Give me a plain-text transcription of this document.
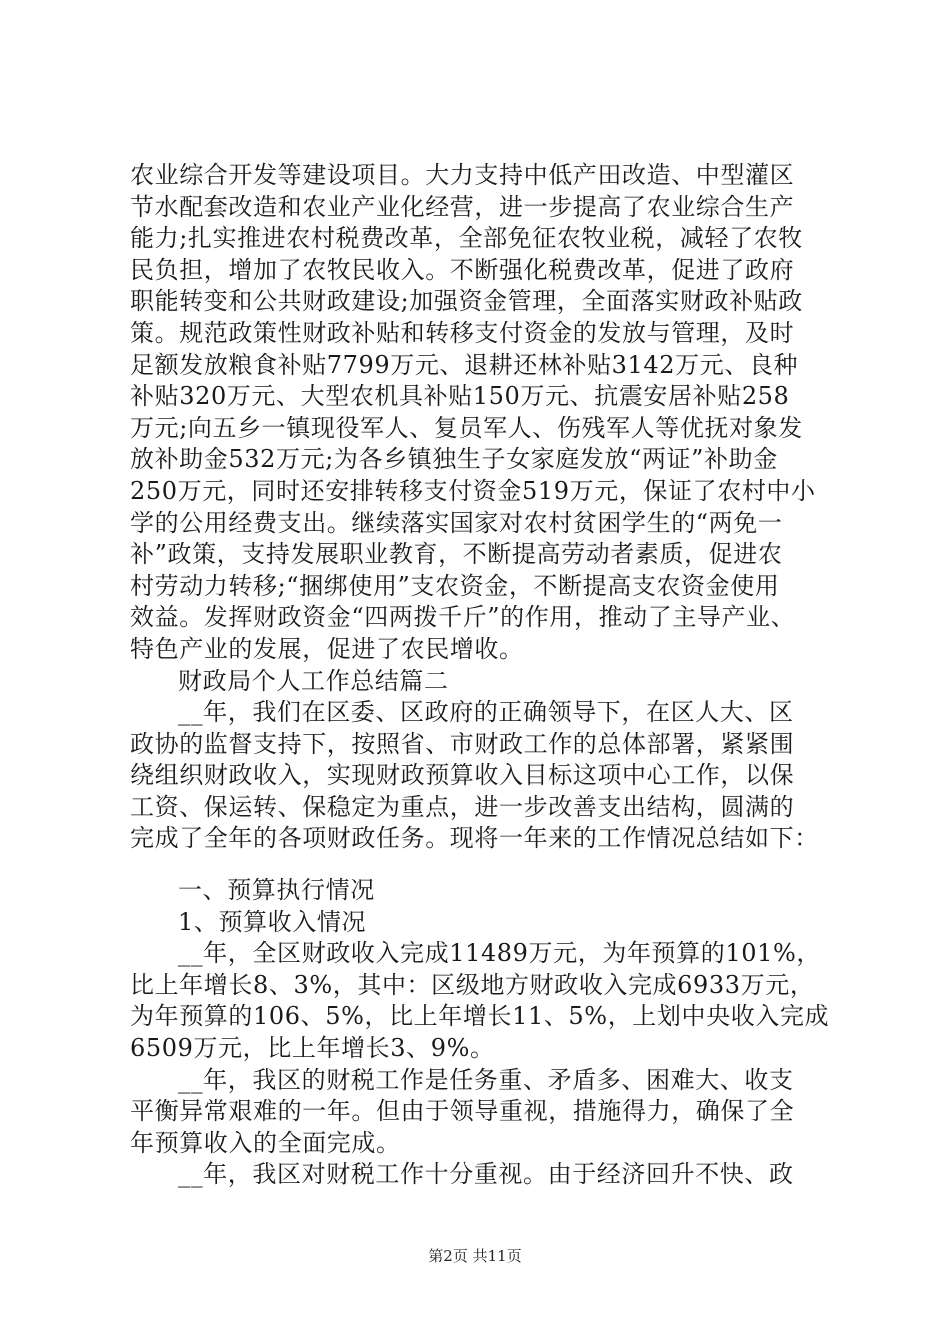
农业综合开发等建设项目。大力支持中低产田改造、中型灌区
节水配套改造和农业产业化经营，进一步提高了农业综合生产
能力;扎实推进农村税费改革，全部免征农牧业税，减轻了农牧
民负担，增加了农牧民收入。不断强化税费改革，促进了政府
职能转变和公共财政建设;加强资金管理，全面落实财政补贴政
策。规范政策性财政补贴和转移支付资金的发放与管理，及时
足额发放粮食补贴7799万元、退耕还林补贴3142万元、良种
补贴320万元、大型农机具补贴150万元、抗震安居补贴258
万元;向五乡一镇现役军人、复员军人、伤残军人等优抚对象发
放补助金532万元;为各乡镇独生子女家庭发放“两证”补助金
250万元，同时还安排转移支付资金519万元，保证了农村中小
学的公用经费支出。继续落实国家对农村贫困学生的“两免一
补”政策，支持发展职业教育，不断提高劳动者素质，促进农
村劳动力转移;“捆绑使用”支农资金，不断提高支农资金使用
效益。发挥财政资金“四两拨千斤”的作用，推动了主导产业、
特色产业的发展，促进了农民增收。
财政局个人工作总结篇二
__年，我们在区委、区政府的正确领导下，在区人大、区
政协的监督支持下，按照省、市财政工作的总体部署，紧紧围
绕组织财政收入，实现财政预算收入目标这项中心工作，以保
工资、保运转、保稳定为重点，进一步改善支出结构，圆满的
完成了全年的各项财政任务。现将一年来的工作情况总结如下：
一、预算执行情况
1、预算收入情况
__年，全区财政收入完成11489万元，为年预算的101%，
比上年增长8、3%，其中：区级地方财政收入完成6933万元，
为年预算的106、5%，比上年增长11、5%，上划中央收入完成
6509万元，比上年增长3、9%。
__年，我区的财税工作是任务重、矛盾多、困难大、收支
平衡异常艰难的一年。但由于领导重视，措施得力，确保了全
年预算收入的全面完成。
__年，我区对财税工作十分重视。由于经济回升不快、政
第2页 共11页
